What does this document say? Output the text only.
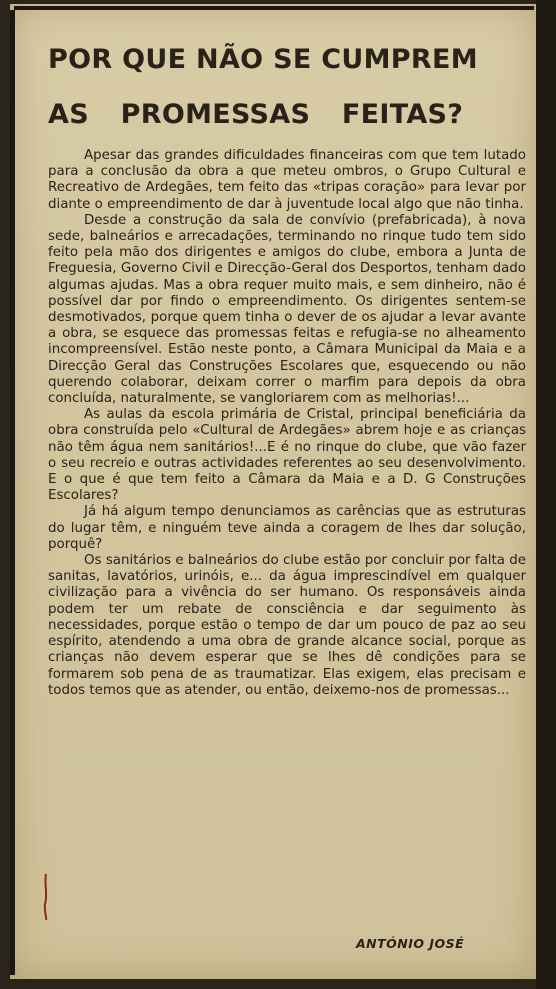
POR QUE NÃO SE CUMPREM
AS PROMESSAS FEITAS?

Apesar das grandes dificuldades financeiras com que tem lutado para a conclusão da obra a que meteu ombros, o Grupo Cultural e Recreativo de Ardegães, tem feito das «tripas coração» para levar por diante o empreendimento de dar à juventude local algo que não tinha.

Desde a construção da sala de convívio (prefabricada), à nova sede, balneários e arrecadações, terminando no rinque tudo tem sido feito pela mão dos dirigentes e amigos do clube, embora a Junta de Freguesia, Governo Civil e Direcção-Geral dos Desportos, tenham dado algumas ajudas. Mas a obra requer muito mais, e sem dinheiro, não é possível dar por findo o empreendimento. Os dirigentes sentem-se desmotivados, porque quem tinha o dever de os ajudar a levar avante a obra, se esquece das promessas feitas e refugia-se no alheamento incompreensível. Estão neste ponto, a Câmara Municipal da Maia e a Direcção Geral das Construções Escolares que, esquecendo ou não querendo colaborar, deixam correr o marfim para depois da obra concluída, naturalmente, se vangloriarem com as melhorias!...

As aulas da escola primária de Cristal, principal beneficiária da obra construída pelo «Cultural de Ardegães» abrem hoje e as crianças não têm água nem sanitários!...E é no rinque do clube, que vão fazer o seu recreio e outras actividades referentes ao seu desenvolvimento. E o que é que tem feito a Câmara da Maia e a D. G Construções Escolares?

Já há algum tempo denunciamos as carências que as estruturas do lugar têm, e ninguém teve ainda a coragem de lhes dar solução, porquê?

Os sanitários e balneários do clube estão por concluir por falta de sanitas, lavatórios, urinóis, e... da água imprescindível em qualquer civilização para a vivência do ser humano. Os responsáveis ainda podem ter um rebate de consciência e dar seguimento às necessidades, porque estão o tempo de dar um pouco de paz ao seu espírito, atendendo a uma obra de grande alcance social, porque as crianças não devem esperar que se lhes dê condições para se formarem sob pena de as traumatizar. Elas exigem, elas precisam e todos temos que as atender, ou então, deixemo-nos de promessas...

ANTÓNIO JOSÉ
